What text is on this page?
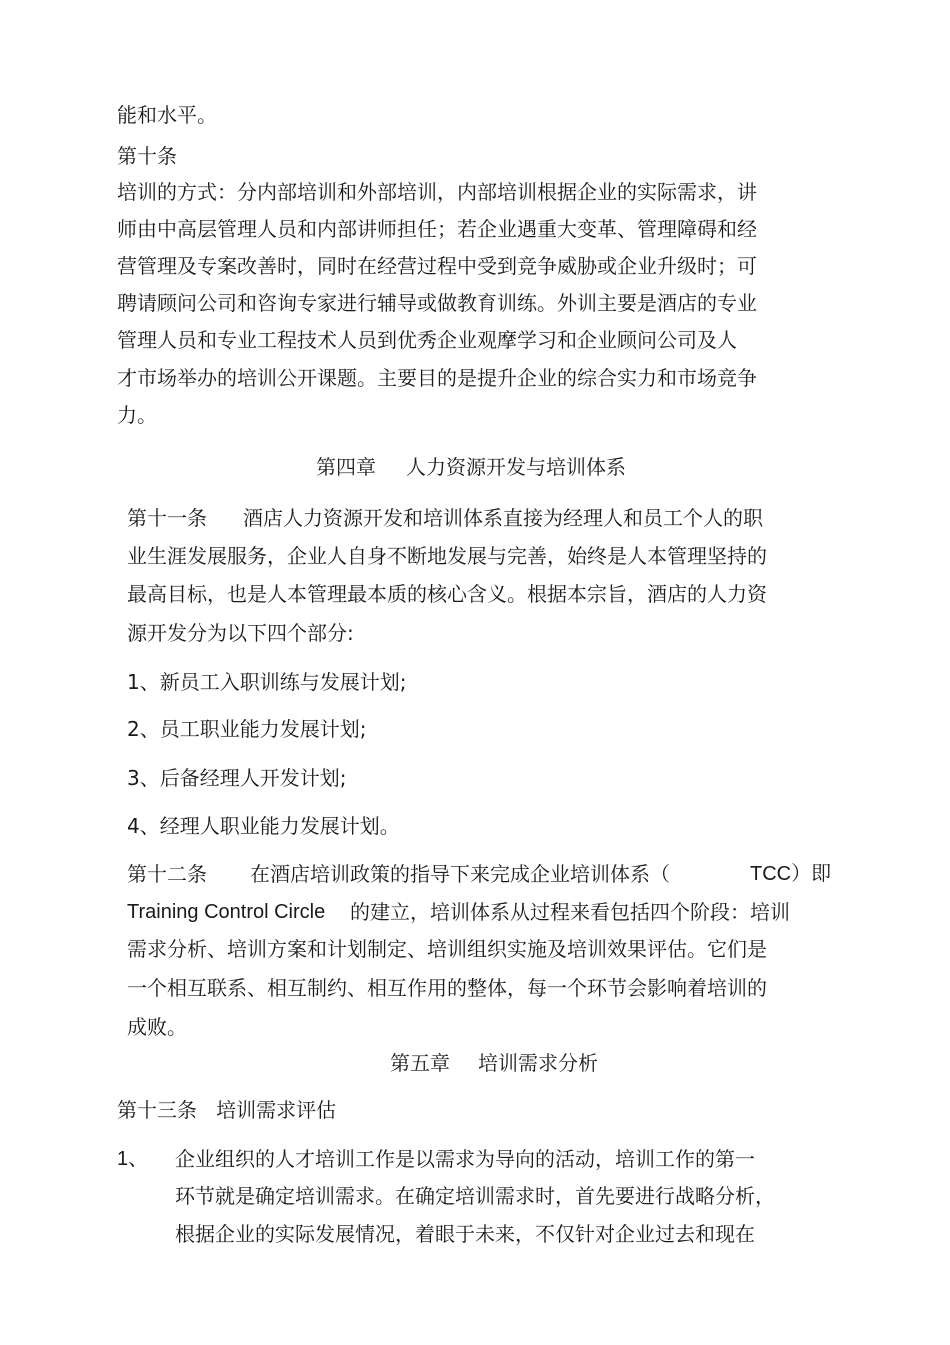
能和水平。
第十条
培训的方式：分内部培训和外部培训，内部培训根据企业的实际需求，讲
师由中高层管理人员和内部讲师担任；若企业遇重大变革、管理障碍和经
营管理及专案改善时，同时在经营过程中受到竞争威胁或企业升级时；可
聘请顾问公司和咨询专家进行辅导或做教育训练。外训主要是酒店的专业
管理人员和专业工程技术人员到优秀企业观摩学习和企业顾问公司及人
才市场举办的培训公开课题。主要目的是提升企业的综合实力和市场竞争
力。
第四章 人力资源开发与培训体系
第十一条 酒店人力资源开发和培训体系直接为经理人和员工个人的职
业生涯发展服务，企业人自身不断地发展与完善，始终是人本管理坚持的
最高目标，也是人本管理最本质的核心含义。根据本宗旨，酒店的人力资
源开发分为以下四个部分:
1、新员工入职训练与发展计划;
2、员工职业能力发展计划;
3、后备经理人开发计划;
4、经理人职业能力发展计划。
第十二条 在酒店培训政策的指导下来完成企业培训体系（	TCC）即
Training Control Circle 的建立，培训体系从过程来看包括四个阶段：培训
需求分析、培训方案和计划制定、培训组织实施及培训效果评估。它们是
一个相互联系、相互制约、相互作用的整体，每一个环节会影响着培训的
成败。
第五章 培训需求分析
第十三条   培训需求评估
1、 企业组织的人才培训工作是以需求为导向的活动，培训工作的第一
环节就是确定培训需求。在确定培训需求时，首先要进行战略分析，
根据企业的实际发展情况，着眼于未来，不仅针对企业过去和现在
